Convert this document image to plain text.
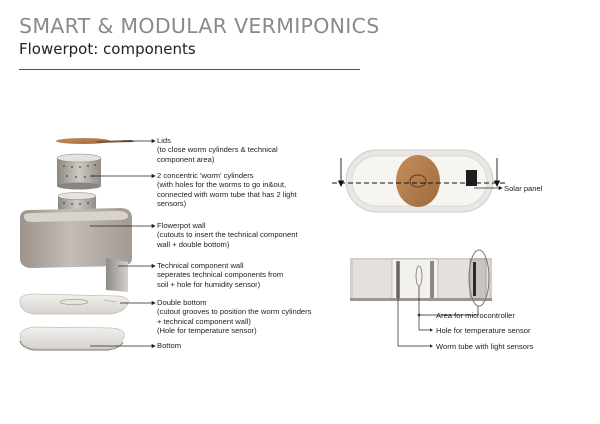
SMART & MODULAR VERMIPONICS
Flowerpot: components
Lids
(to close worm cylinders & technical
component area)
2 concentric 'worm' cylinders
(with holes for the worms to go in&out,
connected with worm tube that has 2 light
sensors)
Flowerpot wall
(cutouts to insert the technical component
wall + double bottom)
Technical component wall
seperates technical components from
soil + hole for humidity sensor)
Double bottom
(cutout grooves to position the worm cylinders
+ technical component wall)
(Hole for temperature sensor)
Bottom
Solar panel
Area for microcontroller
Hole for temperature sensor
Worm tube with light sensors
